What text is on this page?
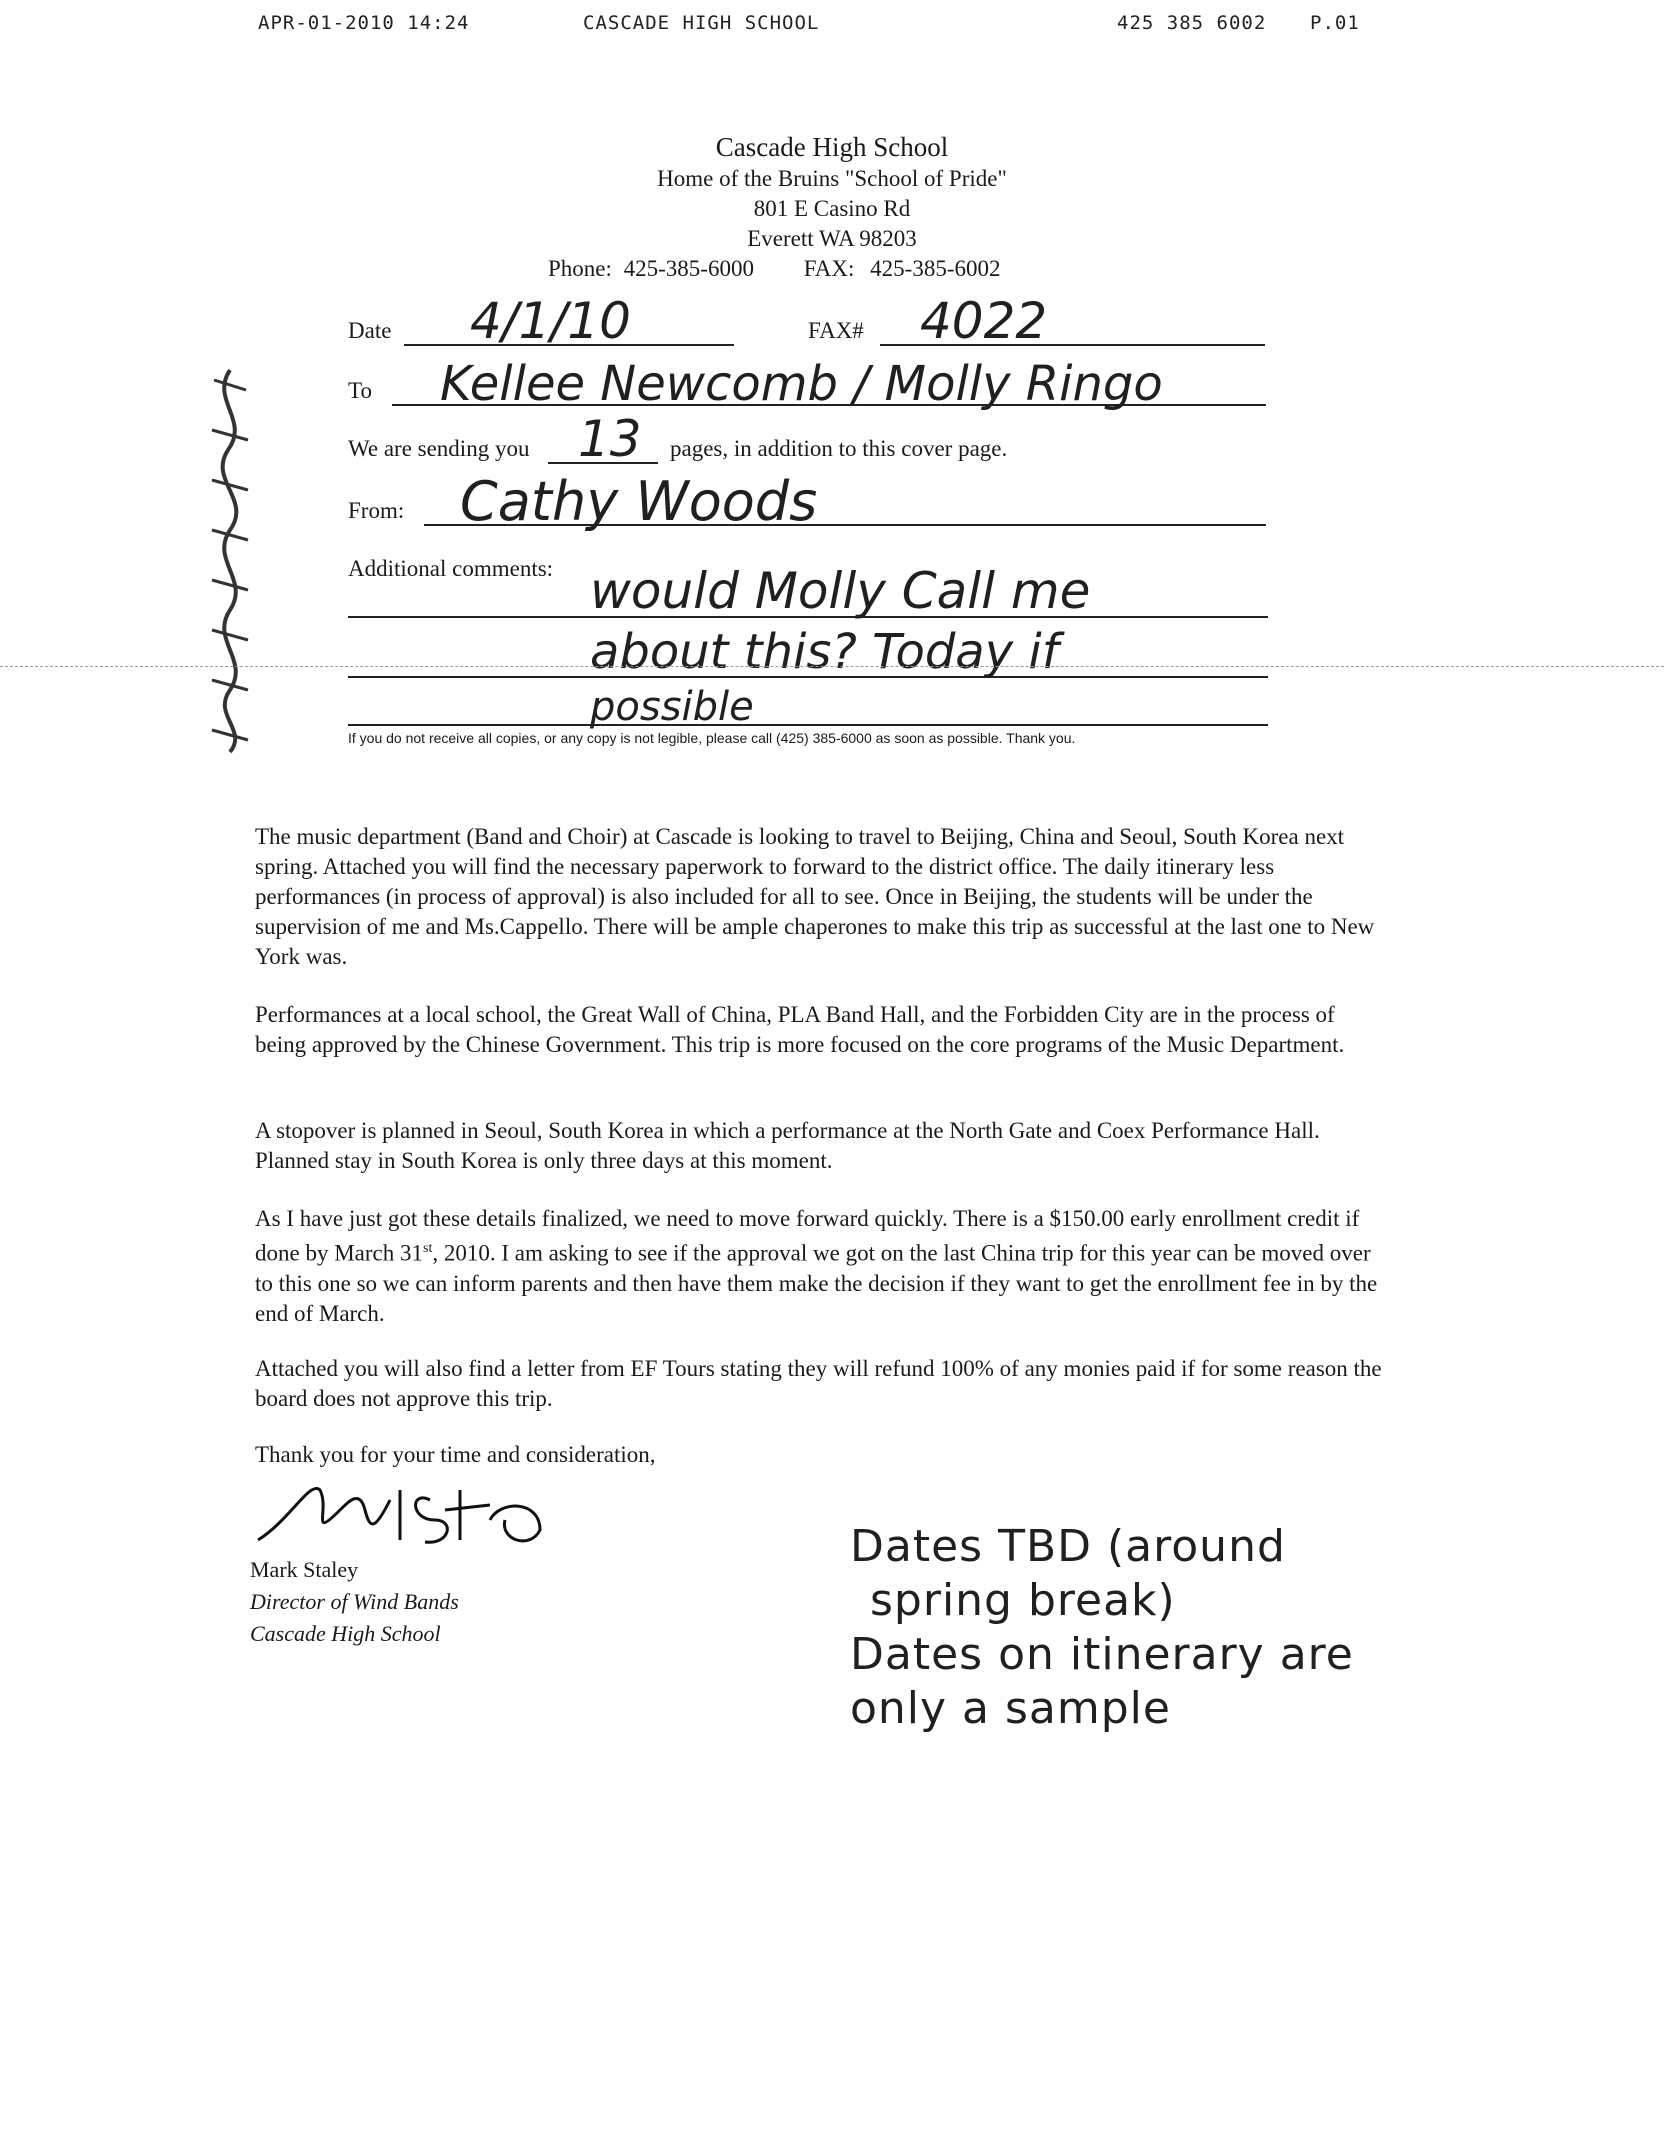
APR-01-2010 14:24	CASCADE HIGH SCHOOL	425 385 6002 P.01
Cascade High School
Home of the Bruins "School of Pride"
801 E Casino Rd
Everett WA 98203
Phone: 425-385-6000 FAX: 425-385-6002
Date 4/1/10	FAX# 4022
To Kellee Newcomb / Molly Ringo
We are sending you 13 pages, in addition to this cover page.
From: Cathy Woods
Additional comments: would Molly Call me
about this? Today if
possible
If you do not receive all copies, or any copy is not legible, please call (425) 385-6000 as soon as possible. Thank you.
The music department (Band and Choir) at Cascade is looking to travel to Beijing, China and Seoul, South Korea next spring. Attached you will find the necessary paperwork to forward to the district office. The daily itinerary less performances (in process of approval) is also included for all to see. Once in Beijing, the students will be under the supervision of me and Ms.Cappello. There will be ample chaperones to make this trip as successful at the last one to New York was.
Performances at a local school, the Great Wall of China, PLA Band Hall, and the Forbidden City are in the process of being approved by the Chinese Government. This trip is more focused on the core programs of the Music Department.
A stopover is planned in Seoul, South Korea in which a performance at the North Gate and Coex Performance Hall. Planned stay in South Korea is only three days at this moment.
As I have just got these details finalized, we need to move forward quickly. There is a $150.00 early enrollment credit if done by March 31st, 2010. I am asking to see if the approval we got on the last China trip for this year can be moved over to this one so we can inform parents and then have them make the decision if they want to get the enrollment fee in by the end of March.
Attached you will also find a letter from EF Tours stating they will refund 100% of any monies paid if for some reason the board does not approve this trip.
Thank you for your time and consideration,
Mark Staley
Director of Wind Bands
Cascade High School
Dates TBD (around
spring break)
Dates on itinerary are
only a sample
